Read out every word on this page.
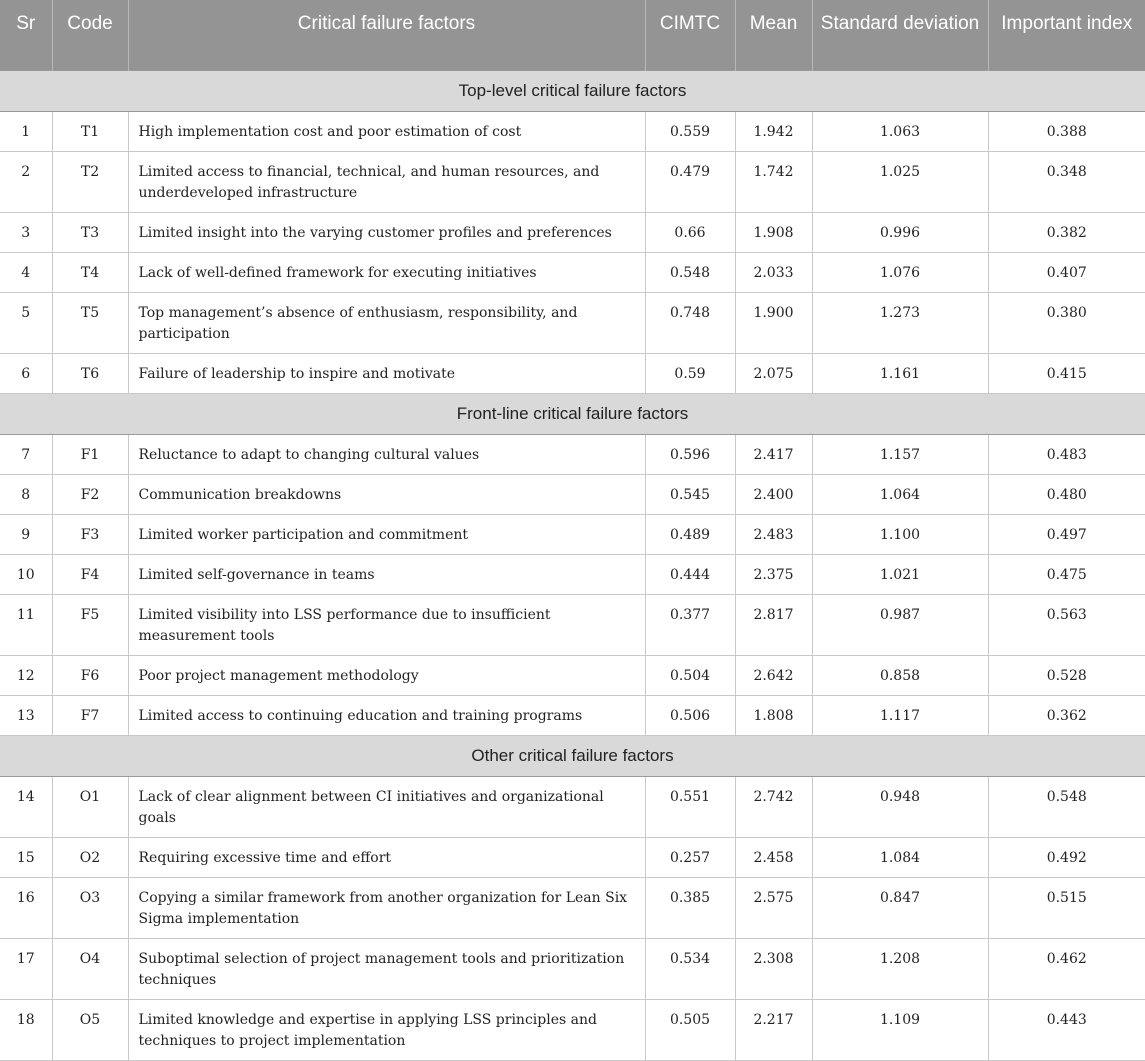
Sr	Code	Critical failure factors	CIMTC	Mean	Standard deviation	Important index
Top-level critical failure factors						
1	T1	High implementation cost and poor estimation of cost	0.559	1.942	1.063	0.388
2	T2	Limited access to financial, technical, and human resources, and underdeveloped infrastructure	0.479	1.742	1.025	0.348
3	T3	Limited insight into the varying customer profiles and preferences	0.66	1.908	0.996	0.382
4	T4	Lack of well-defined framework for executing initiatives	0.548	2.033	1.076	0.407
5	T5	Top management’s absence of enthusiasm, responsibility, and participation	0.748	1.900	1.273	0.380
6	T6	Failure of leadership to inspire and motivate	0.59	2.075	1.161	0.415
Front-line critical failure factors						
7	F1	Reluctance to adapt to changing cultural values	0.596	2.417	1.157	0.483
8	F2	Communication breakdowns	0.545	2.400	1.064	0.480
9	F3	Limited worker participation and commitment	0.489	2.483	1.100	0.497
10	F4	Limited self-governance in teams	0.444	2.375	1.021	0.475
11	F5	Limited visibility into LSS performance due to insufficient measurement tools	0.377	2.817	0.987	0.563
12	F6	Poor project management methodology	0.504	2.642	0.858	0.528
13	F7	Limited access to continuing education and training programs	0.506	1.808	1.117	0.362
Other critical failure factors						
14	O1	Lack of clear alignment between CI initiatives and organizational goals	0.551	2.742	0.948	0.548
15	O2	Requiring excessive time and effort	0.257	2.458	1.084	0.492
16	O3	Copying a similar framework from another organization for Lean Six Sigma implementation	0.385	2.575	0.847	0.515
17	O4	Suboptimal selection of project management tools and prioritization techniques	0.534	2.308	1.208	0.462
18	O5	Limited knowledge and expertise in applying LSS principles and techniques to project implementation	0.505	2.217	1.109	0.443
